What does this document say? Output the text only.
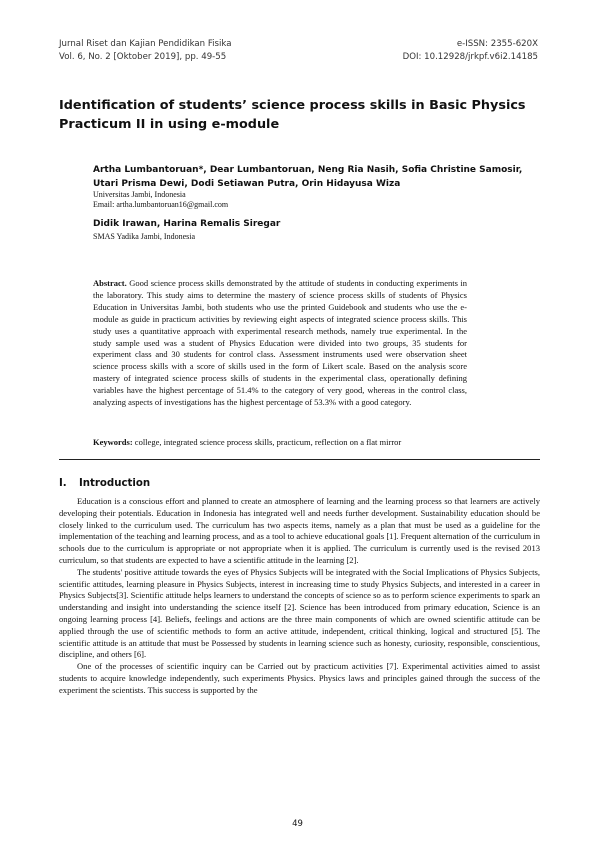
Jurnal Riset dan Kajian Pendidikan Fisika
Vol. 6, No. 2 [Oktober 2019], pp. 49-55
e-ISSN: 2355-620X
DOI: 10.12928/jrkpf.v6i2.14185
Identification of students’ science process skills in Basic Physics Practicum II in using e-module
Artha Lumbantoruan*, Dear Lumbantoruan, Neng Ria Nasih, Sofia Christine Samosir, Utari Prisma Dewi, Dodi Setiawan Putra, Orin Hidayusa Wiza
Universitas Jambi, Indonesia
Email: artha.lumbantoruan16@gmail.com
Didik Irawan, Harina Remalis Siregar
SMAS Yadika Jambi, Indonesia
Abstract. Good science process skills demonstrated by the attitude of students in conducting experiments in the laboratory. This study aims to determine the mastery of science process skills of students of Physics Education in Universitas Jambi, both students who use the printed Guidebook and students who use the e-module as guide in practicum activities by reviewing eight aspects of integrated science process skills. This study uses a quantitative approach with experimental research methods, namely true experimental. In the study sample used was a student of Physics Education were divided into two groups, 35 students for experiment class and 30 students for control class. Assessment instruments used were observation sheet science process skills with a score of skills used in the form of Likert scale. Based on the analysis score mastery of integrated science process skills of students in the experimental class, operationally defining variables have the highest percentage of 51.4% to the category of very good, whereas in the control class, analyzing aspects of investigations has the highest percentage of 53.3% with a good category.
Keywords: college, integrated science process skills, practicum, reflection on a flat mirror
I. Introduction

Education is a conscious effort and planned to create an atmosphere of learning and the learning process so that learners are actively developing their potentials. Education in Indonesia has integrated well and needs further development. Sustainability education should be closely linked to the curriculum used. The curriculum has two aspects items, namely as a plan that must be used as a guideline for the implementation of the teaching and learning process, and as a tool to achieve educational goals [1]. Frequent alternation of the curriculum in schools due to the curriculum is appropriate or not appropriate when it is applied. The curriculum is currently used is the revised 2013 curriculum, so that students are expected to have a scientific attitude in the learning [2].

The students' positive attitude towards the eyes of Physics Subjects will be integrated with the Social Implications of Physics Subjects, scientific attitudes, learning pleasure in Physics Subjects, interest in increasing time to study Physics Subjects, and interested in a career in Physics Subjects[3]. Scientific attitude helps learners to understand the concepts of science so as to perform science experiments to spark an understanding and insight into understanding the science itself [2]. Science has been introduced from primary education, Science is an ongoing learning process [4]. Beliefs, feelings and actions are the three main components of which are owned scientific attitude can be applied through the use of scientific methods to form an active attitude, independent, critical thinking, logical and structured [5]. The scientific attitude is an attitude that must be Possessed by students in learning science such as honesty, curiosity, responsible, conscientious, discipline, and others [6].

One of the processes of scientific inquiry can be Carried out by practicum activities [7]. Experimental activities aimed to assist students to acquire knowledge independently, such experiments Physics. Physics laws and principles gained through the success of the experiment the scientists. This success is supported by the

49
